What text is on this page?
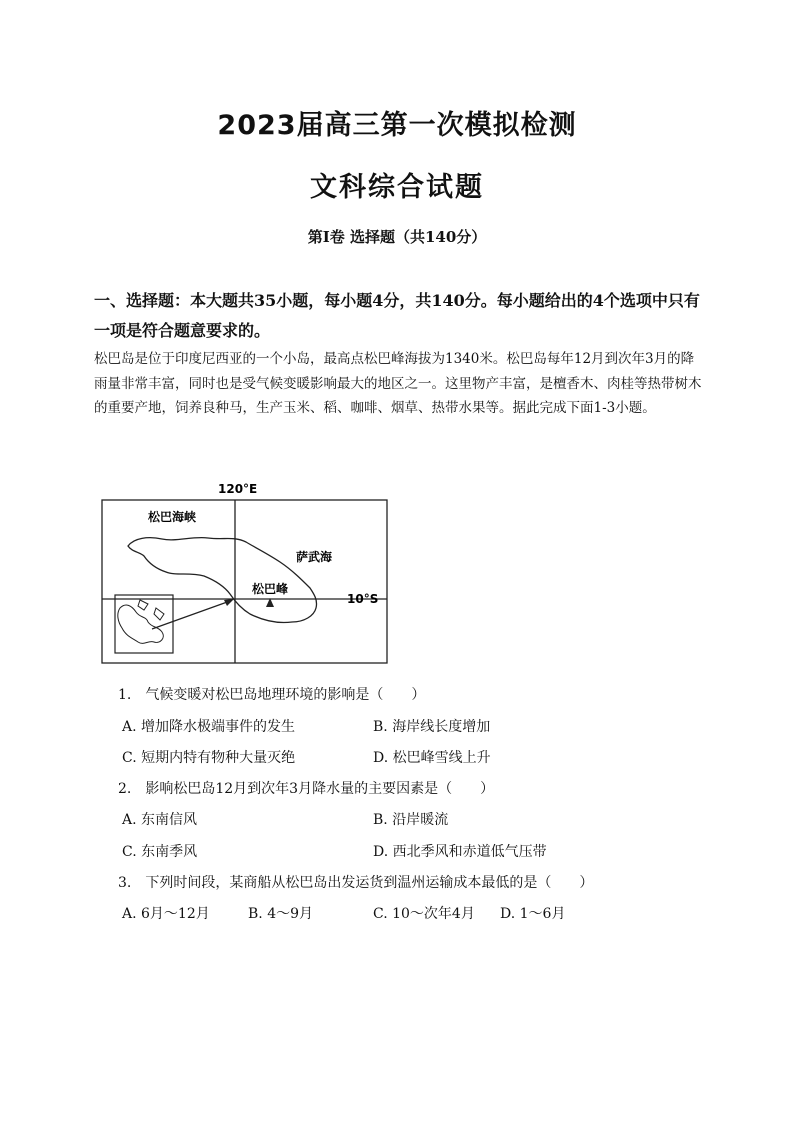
2023届高三第一次模拟检测
文科综合试题
第Ⅰ卷 选择题（共140分）
一、选择题：本大题共35小题，每小题4分，共140分。每小题给出的4个选项中只有一项是符合题意要求的。
松巴岛是位于印度尼西亚的一个小岛，最高点松巴峰海拔为1340米。松巴岛每年12月到次年3月的降雨量非常丰富，同时也是受气候变暖影响最大的地区之一。这里物产丰富，是檀香木、肉桂等热带树木的重要产地，饲养良种马，生产玉米、稻、咖啡、烟草、热带水果等。据此完成下面1-3小题。
120°E
10°S
松巴海峡
萨武海
松巴峰
1.　气候变暖对松巴岛地理环境的影响是（　　）
A. 增加降水极端事件的发生	B. 海岸线长度增加
C. 短期内特有物种大量灭绝	D. 松巴峰雪线上升
2.　影响松巴岛12月到次年3月降水量的主要因素是（　　）
A. 东南信风	B. 沿岸暖流
C. 东南季风	D. 西北季风和赤道低气压带
3.　下列时间段，某商船从松巴岛出发运货到温州运输成本最低的是（　　）
A. 6月～12月	B. 4～9月	C. 10～次年4月 D. 1～6月
